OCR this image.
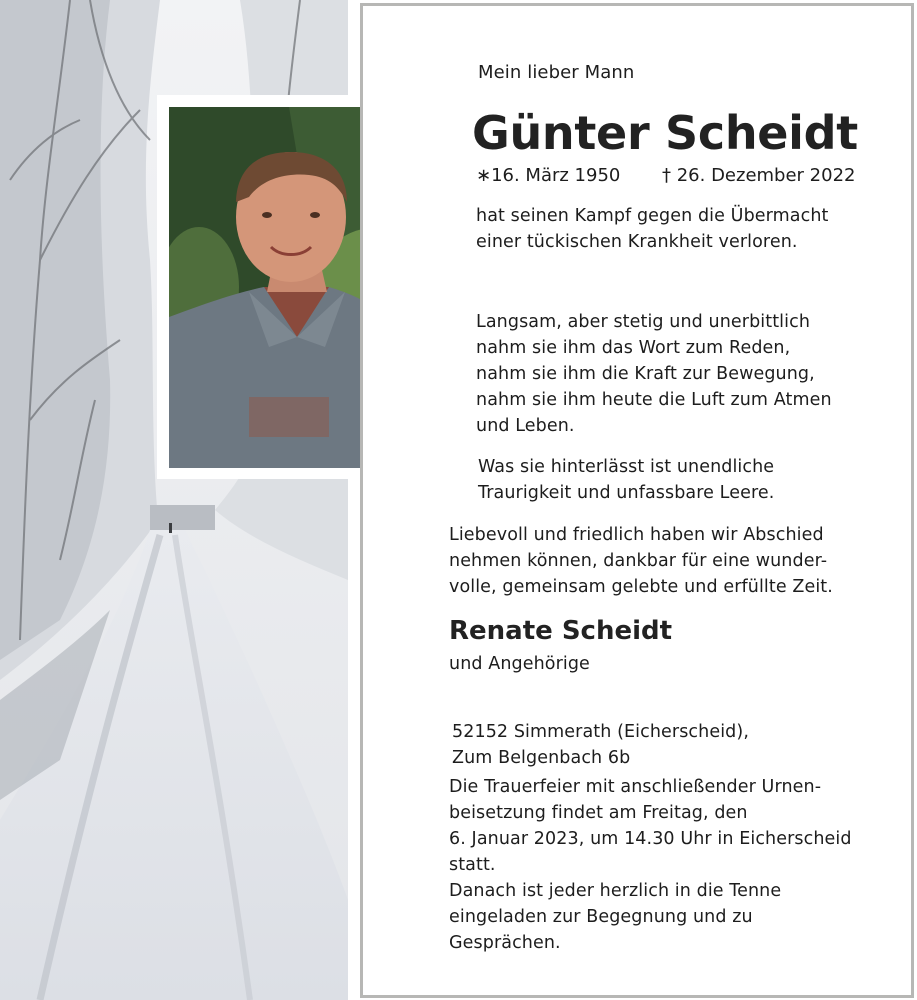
Mein lieber Mann
Günter Scheidt
∗16. März 1950 † 26. Dezember 2022
hat seinen Kampf gegen die Übermacht
einer tückischen Krankheit verloren.
Langsam, aber stetig und unerbittlich
nahm sie ihm das Wort zum Reden,
nahm sie ihm die Kraft zur Bewegung,
nahm sie ihm heute die Luft zum Atmen
und Leben.
Was sie hinterlässt ist unendliche
Traurigkeit und unfassbare Leere.
Liebevoll und friedlich haben wir Abschied
nehmen können, dankbar für eine wunder-
volle, gemeinsam gelebte und erfüllte Zeit.
Renate Scheidt
und Angehörige
52152 Simmerath (Eicherscheid),
Zum Belgenbach 6b
Die Trauerfeier mit anschließender Urnen-
beisetzung findet am Freitag, den
6. Januar 2023, um 14.30 Uhr in Eicherscheid
statt.
Danach ist jeder herzlich in die Tenne
eingeladen zur Begegnung und zu
Gesprächen.
